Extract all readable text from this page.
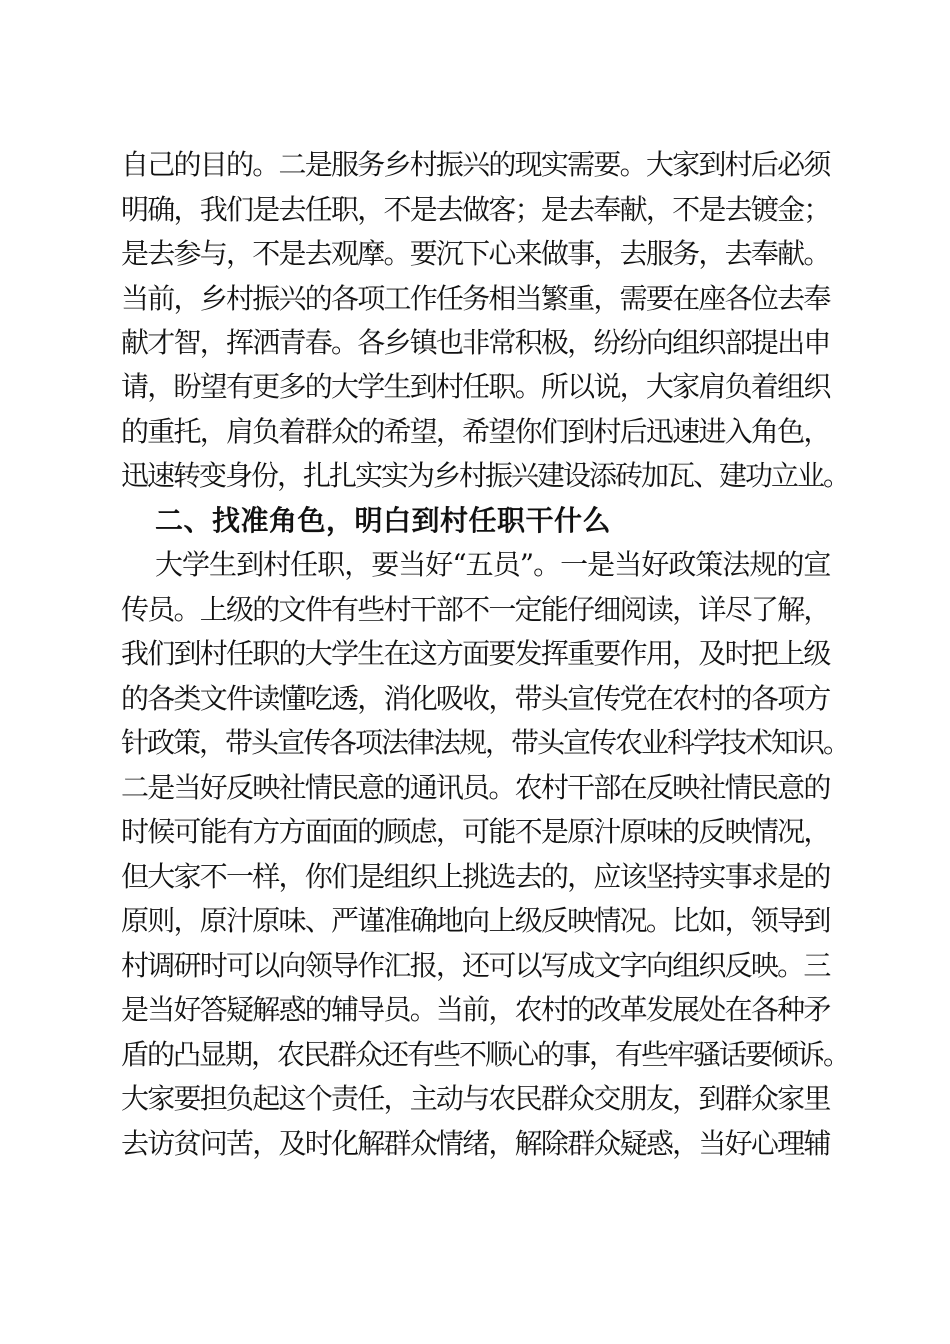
自己的目的。二是服务乡村振兴的现实需要。大家到村后必须
明确，我们是去任职，不是去做客；是去奉献，不是去镀金；
是去参与，不是去观摩。要沉下心来做事，去服务，去奉献。
当前，乡村振兴的各项工作任务相当繁重，需要在座各位去奉
献才智，挥洒青春。各乡镇也非常积极，纷纷向组织部提出申
请，盼望有更多的大学生到村任职。所以说，大家肩负着组织
的重托，肩负着群众的希望，希望你们到村后迅速进入角色，
迅速转变身份，扎扎实实为乡村振兴建设添砖加瓦、建功立业。
二、找准角色，明白到村任职干什么
大学生到村任职，要当好“五员”。一是当好政策法规的宣
传员。上级的文件有些村干部不一定能仔细阅读，详尽了解，
我们到村任职的大学生在这方面要发挥重要作用，及时把上级
的各类文件读懂吃透，消化吸收，带头宣传党在农村的各项方
针政策，带头宣传各项法律法规，带头宣传农业科学技术知识。
二是当好反映社情民意的通讯员。农村干部在反映社情民意的
时候可能有方方面面的顾虑，可能不是原汁原味的反映情况，
但大家不一样，你们是组织上挑选去的，应该坚持实事求是的
原则，原汁原味、严谨准确地向上级反映情况。比如，领导到
村调研时可以向领导作汇报，还可以写成文字向组织反映。三
是当好答疑解惑的辅导员。当前，农村的改革发展处在各种矛
盾的凸显期，农民群众还有些不顺心的事，有些牢骚话要倾诉。
大家要担负起这个责任，主动与农民群众交朋友，到群众家里
去访贫问苦，及时化解群众情绪，解除群众疑惑，当好心理辅
